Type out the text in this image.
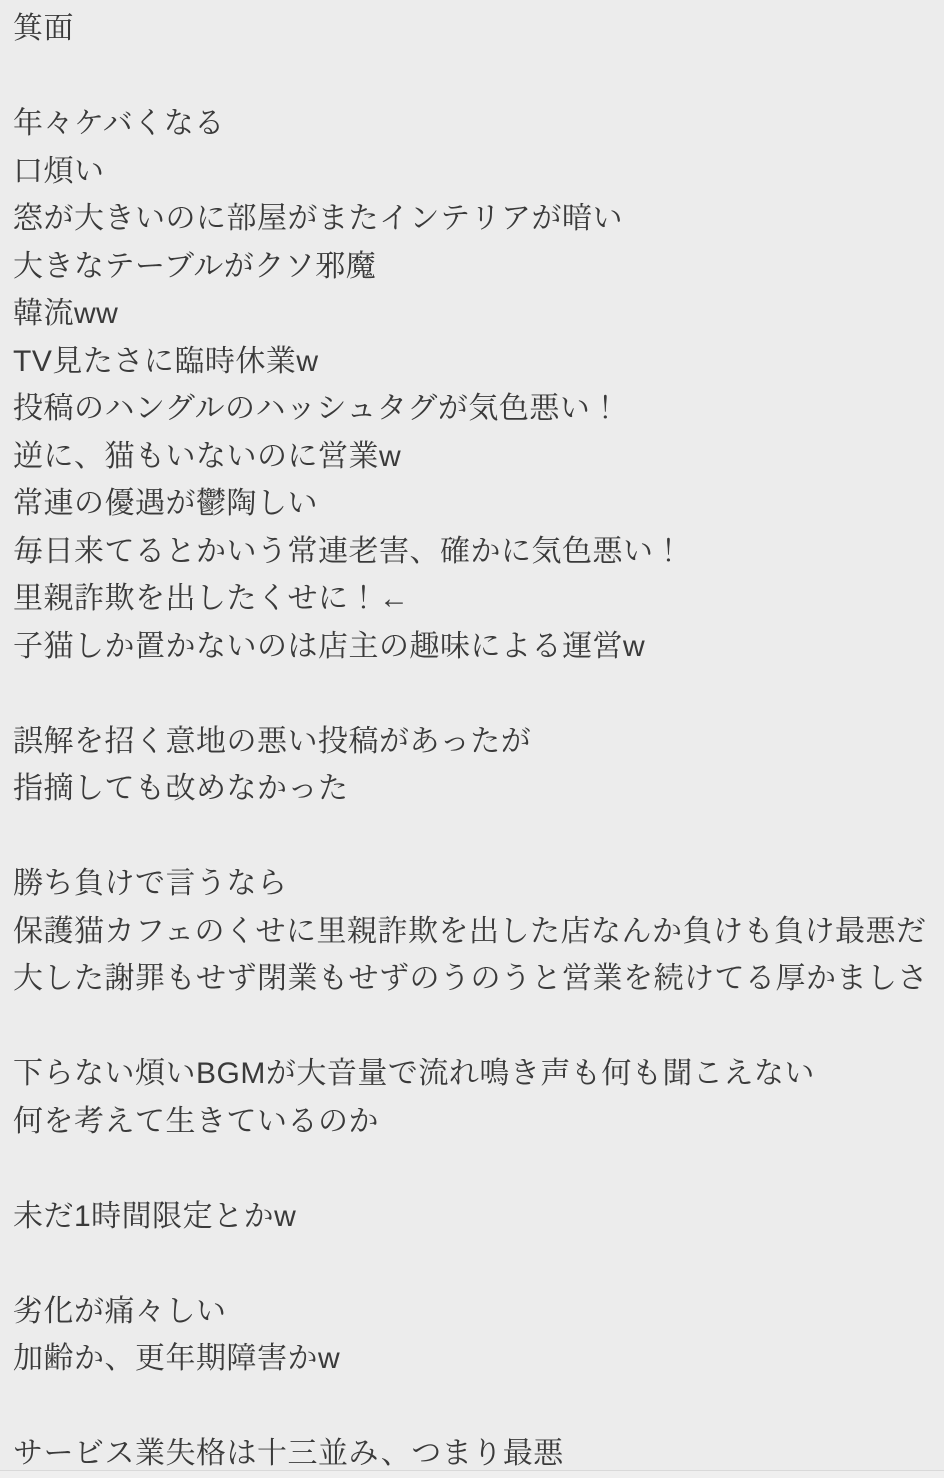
箕面

年々ケバくなる
口煩い
窓が大きいのに部屋がまたインテリアが暗い
大きなテーブルがクソ邪魔
韓流ww
TV見たさに臨時休業w
投稿のハングルのハッシュタグが気色悪い！
逆に、猫もいないのに営業w
常連の優遇が鬱陶しい
毎日来てるとかいう常連老害、確かに気色悪い！
里親詐欺を出したくせに！←
子猫しか置かないのは店主の趣味による運営w

誤解を招く意地の悪い投稿があったが
指摘しても改めなかった

勝ち負けで言うなら
保護猫カフェのくせに里親詐欺を出した店なんか負けも負け最悪だ
大した謝罪もせず閉業もせずのうのうと営業を続けてる厚かましさ

下らない煩いBGMが大音量で流れ鳴き声も何も聞こえない
何を考えて生きているのか

未だ1時間限定とかw

劣化が痛々しい
加齢か、更年期障害かw

サービス業失格は十三並み、つまり最悪
